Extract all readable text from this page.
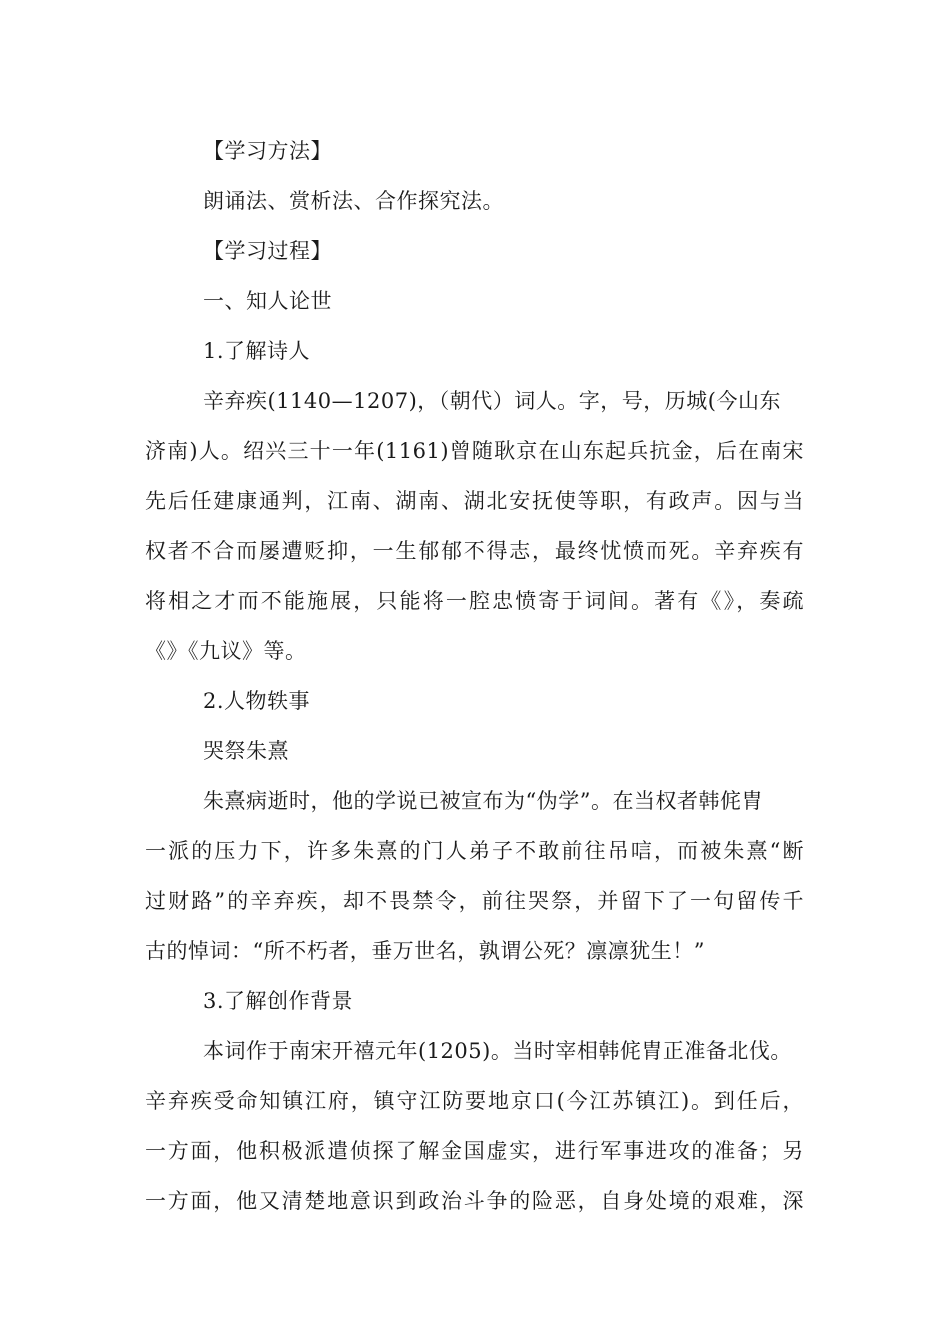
【学习方法】
朗诵法、赏析法、合作探究法。
【学习过程】
一、知人论世
1.了解诗人
辛弃疾(1140—1207)，（朝代）词人。字，号，历城(今山东
济南)人。绍兴三十一年(1161)曾随耿京在山东起兵抗金，后在南宋
先后任建康通判，江南、湖南、湖北安抚使等职，有政声。因与当
权者不合而屡遭贬抑，一生郁郁不得志，最终忧愤而死。辛弃疾有
将相之才而不能施展，只能将一腔忠愤寄于词间。著有《》，奏疏
《》《九议》等。
2.人物轶事
哭祭朱熹
朱熹病逝时，他的学说已被宣布为“伪学”。在当权者韩侂胄
一派的压力下，许多朱熹的门人弟子不敢前往吊唁，而被朱熹“断
过财路”的辛弃疾，却不畏禁令，前往哭祭，并留下了一句留传千
古的悼词：“所不朽者，垂万世名，孰谓公死？凛凛犹生！”
3.了解创作背景
本词作于南宋开禧元年(1205)。当时宰相韩侂胄正准备北伐。
辛弃疾受命知镇江府，镇守江防要地京口(今江苏镇江)。到任后，
一方面，他积极派遣侦探了解金国虚实，进行军事进攻的准备；另
一方面，他又清楚地意识到政治斗争的险恶，自身处境的艰难，深
